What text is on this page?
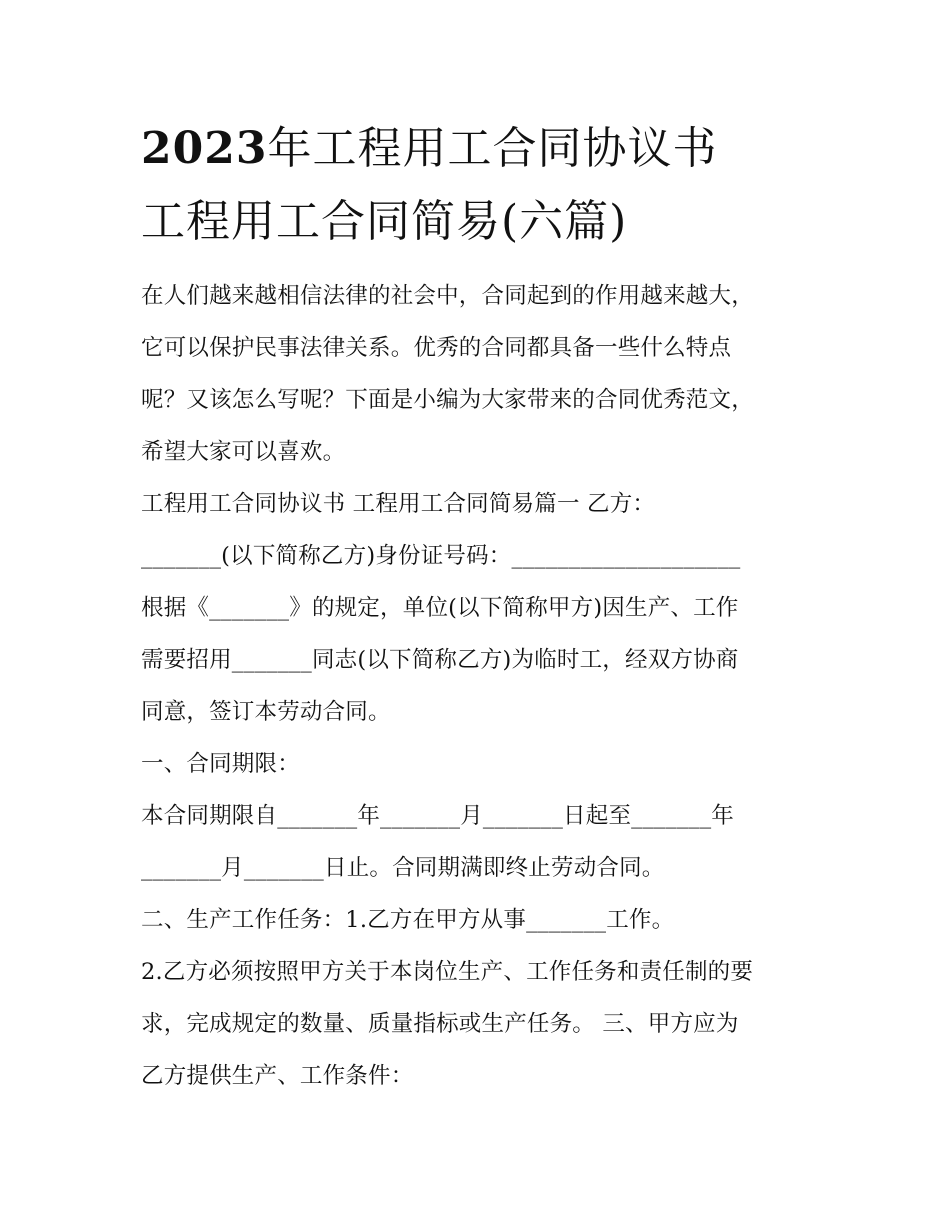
2023年工程用工合同协议书
工程用工合同简易(六篇)

在人们越来越相信法律的社会中，合同起到的作用越来越大，
它可以保护民事法律关系。优秀的合同都具备一些什么特点
呢？又该怎么写呢？下面是小编为大家带来的合同优秀范文，
希望大家可以喜欢。

工程用工合同协议书 工程用工合同简易篇一 乙方：
_______(以下简称乙方)身份证号码：____________________
根据《_______》的规定，单位(以下简称甲方)因生产、工作
需要招用_______同志(以下简称乙方)为临时工，经双方协商
同意，签订本劳动合同。

一、合同期限：

本合同期限自_______年_______月_______日起至_______年
_______月_______日止。合同期满即终止劳动合同。

二、生产工作任务：1.乙方在甲方从事_______工作。

2.乙方必须按照甲方关于本岗位生产、工作任务和责任制的要
求，完成规定的数量、质量指标或生产任务。 三、甲方应为
乙方提供生产、工作条件：
